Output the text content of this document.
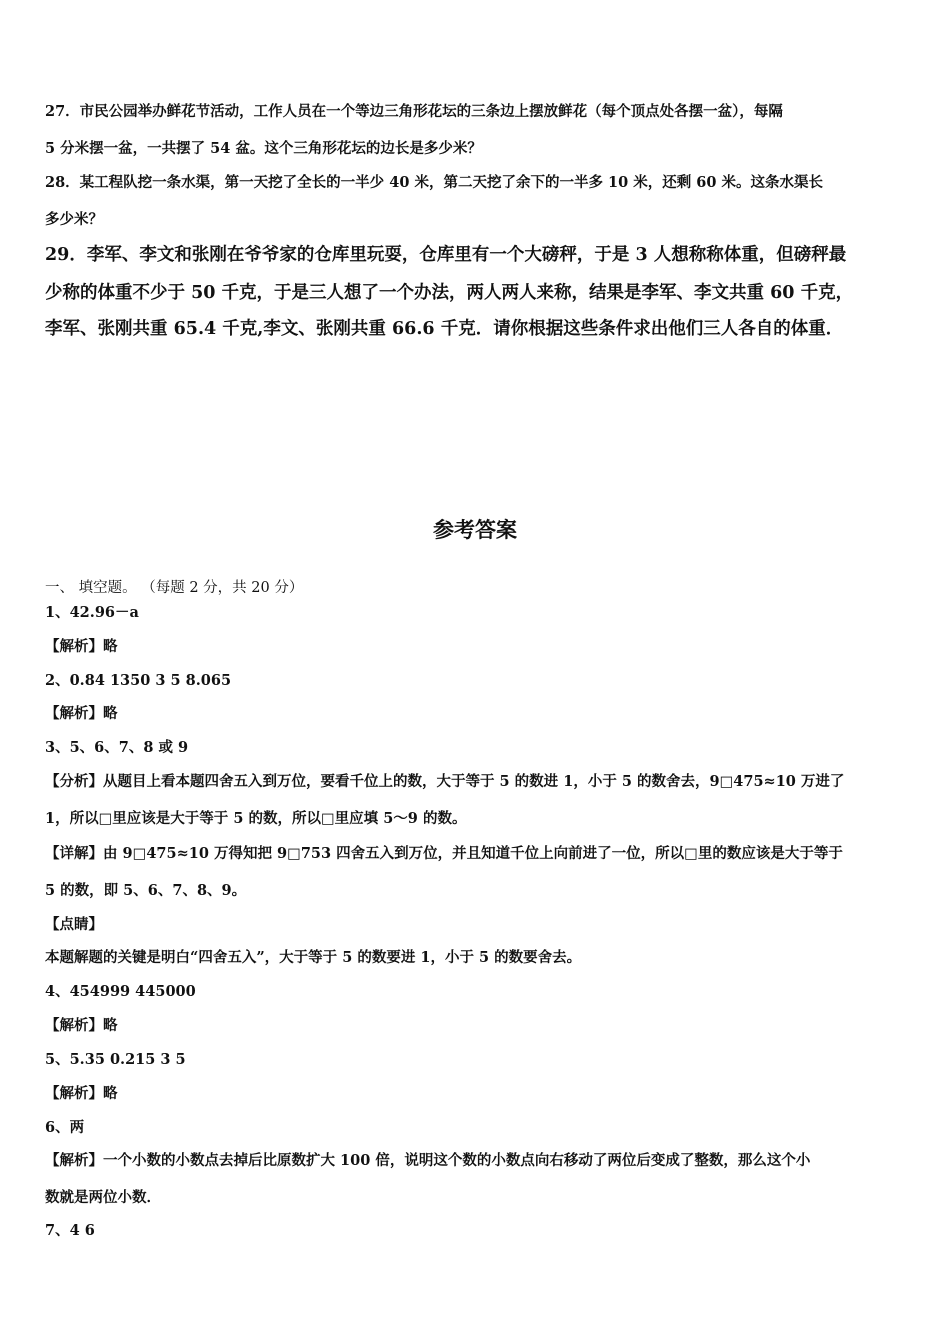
27．市民公园举办鲜花节活动，工作人员在一个等边三角形花坛的三条边上摆放鲜花（每个顶点处各摆一盆），每隔
5 分米摆一盆，一共摆了 54 盆。这个三角形花坛的边长是多少米？
28．某工程队挖一条水渠，第一天挖了全长的一半少 40 米，第二天挖了余下的一半多 10 米，还剩 60 米。这条水渠长
多少米？
29．李军、李文和张刚在爷爷家的仓库里玩耍，仓库里有一个大磅秤，于是 3 人想称称体重，但磅秤最
少称的体重不少于 50 千克，于是三人想了一个办法，两人两人来称，结果是李军、李文共重 60 千克，
李军、张刚共重 65.4 千克,李文、张刚共重 66.6 千克．请你根据这些条件求出他们三人各自的体重．
参考答案
一、 填空题。 （每题 2 分，共 20 分）
1、42.96－a
【解析】略
2、0.84 1350 3 5 8.065
【解析】略
3、5、6、7、8 或 9
【分析】从题目上看本题四舍五入到万位，要看千位上的数，大于等于 5 的数进 1，小于 5 的数舍去，9□475≈10 万进了
1，所以□里应该是大于等于 5 的数，所以□里应填 5～9 的数。
【详解】由 9□475≈10 万得知把 9□753 四舍五入到万位，并且知道千位上向前进了一位，所以□里的数应该是大于等于
5 的数，即 5、6、7、8、9。
【点睛】
本题解题的关键是明白“四舍五入”，大于等于 5 的数要进 1，小于 5 的数要舍去。
4、454999 445000
【解析】略
5、5.35 0.215 3 5
【解析】略
6、两
【解析】一个小数的小数点去掉后比原数扩大 100 倍，说明这个数的小数点向右移动了两位后变成了整数，那么这个小
数就是两位小数．
7、4 6
